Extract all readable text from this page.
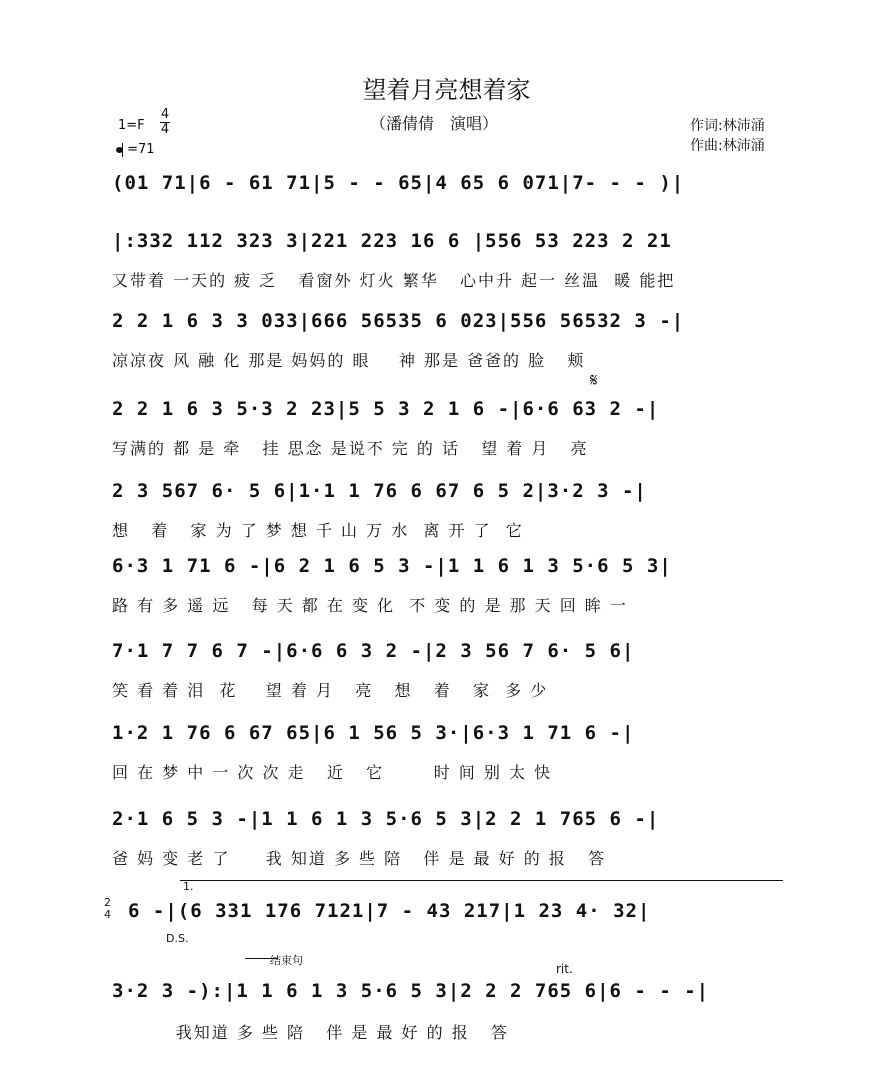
望着月亮想着家
（潘倩倩　演唱）	作词:林沛涌
作曲:林沛涌
1=F
4
4
=71
(01 71|6 - 61 71|5 - - 65|4 65 6 071|7- - - )|
|:332 112 323 3|221 223 16 6 |556 53 223 2 21
又带着 一天的 疲 乏   看窗外 灯火 繁华   心中升 起一 丝温  暖 能把
2 2 1 6 3 3 033|666 56535 6 023|556 56532 3 -|
凉凉夜 风 融 化 那是 妈妈的 眼    神 那是 爸爸的 脸   颊
𝄋
2 2 1 6 3 5·3 2 23|5 5 3 2 1 6 -|6·6 63 2 -|
写满的 都 是 牵   挂 思念 是说不 完 的 话   望 着 月   亮
2 3 567 6· 5 6|1·1 1 76 6 67 6 5 2|3·2 3 -|
想   着   家 为 了 梦 想 千 山 万 水  离 开 了  它
6·3 1 71 6 -|6 2 1 6 5 3 -|1 1 6 1 3 5·6 5 3|
路 有 多 遥 远   每 天 都 在 变 化  不 变 的 是 那 天 回 眸 一
7·1 7 7 6 7 -|6·6 6 3 2 -|2 3 56 7 6· 5 6|
笑 看 着 泪  花    望 着 月   亮   想   着   家  多 少
1·2 1 76 6 67 65|6 1 56 5 3·|6·3 1 71 6 -|
回 在 梦 中 一 次 次 走   近   它       时 间 别 太 快
2·1 6 5 3 -|1 1 6 1 3 5·6 5 3|2 2 1 765 6 -|
爸 妈 变 老 了     我 知道 多 些 陪   伴 是 最 好 的 报   答
1.
2
4 6 -|(6 331 176 7121|7 - 43 217|1 23 4· 32|
D.S.
结束句
rit.
3·2 3 -):|1 1 6 1 3 5·6 5 3|2 2 2 765 6|6 - - -|
我知道 多 些 陪   伴 是 最 好 的 报   答
